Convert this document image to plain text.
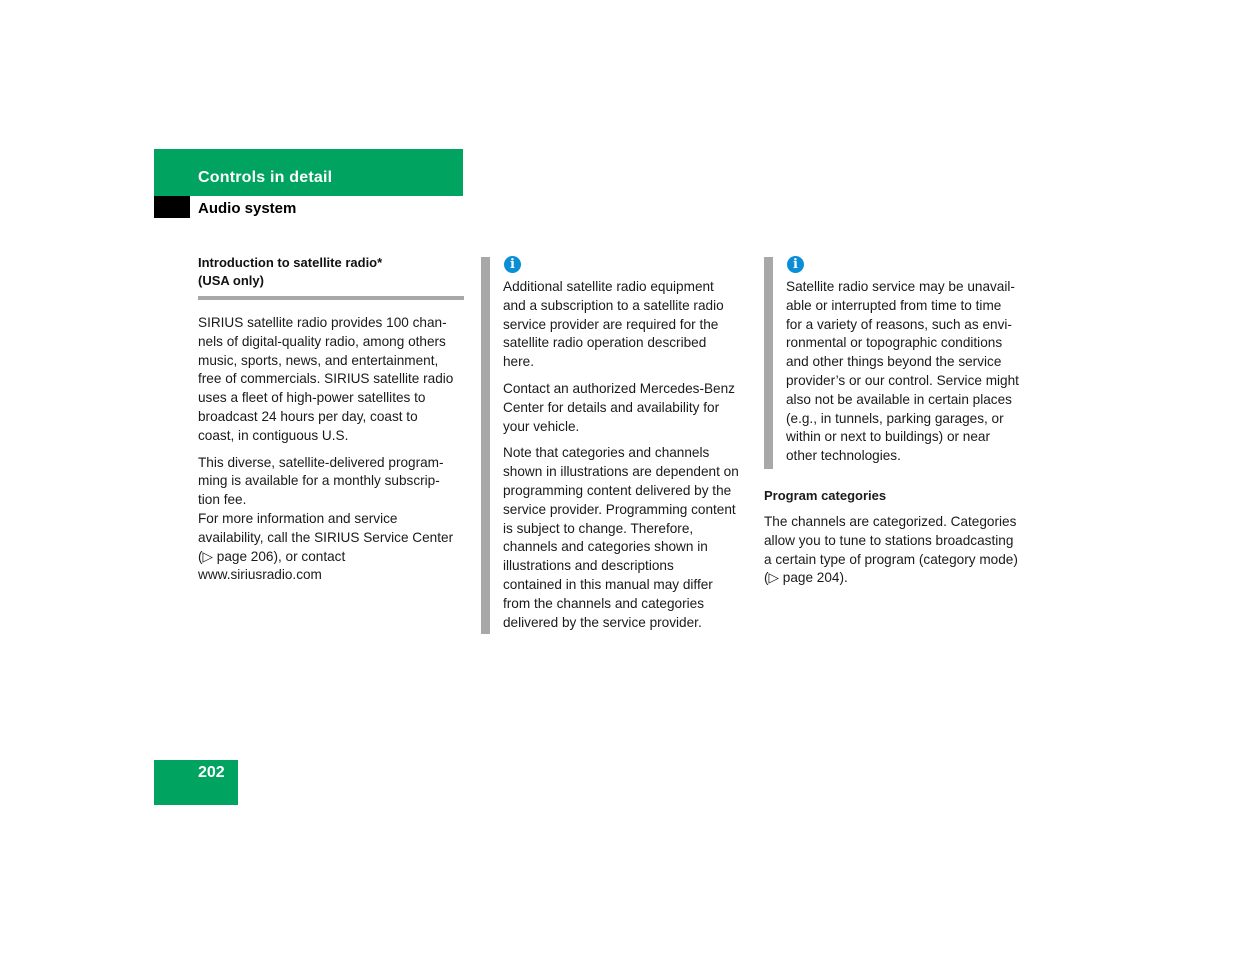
Controls in detail
Audio system
Introduction to satellite radio*
(USA only)

SIRIUS satellite radio provides 100 chan-

nels of digital-quality radio, among others

music, sports, news, and entertainment,

free of commercials. SIRIUS satellite radio

uses a fleet of high-power satellites to

broadcast 24 hours per day, coast to

coast, in contiguous U.S.

This diverse, satellite-delivered program-

ming is available for a monthly subscrip-

tion fee.

For more information and service

availability, call the SIRIUS Service Center

(▷ page 206), or contact

www.siriusradio.com

i

Additional satellite radio equipment

and a subscription to a satellite radio

service provider are required for the

satellite radio operation described

here.

Contact an authorized Mercedes-Benz

Center for details and availability for

your vehicle.

Note that categories and channels

shown in illustrations are dependent on

programming content delivered by the

service provider. Programming content

is subject to change. Therefore,

channels and categories shown in

illustrations and descriptions

contained in this manual may differ

from the channels and categories

delivered by the service provider.

i

Satellite radio service may be unavail-

able or interrupted from time to time

for a variety of reasons, such as envi-

ronmental or topographic conditions

and other things beyond the service

provider’s or our control. Service might

also not be available in certain places

(e.g., in tunnels, parking garages, or

within or next to buildings) or near

other technologies.

Program categories

The channels are categorized. Categories

allow you to tune to stations broadcasting

a certain type of program (category mode)

(▷ page 204).

202
